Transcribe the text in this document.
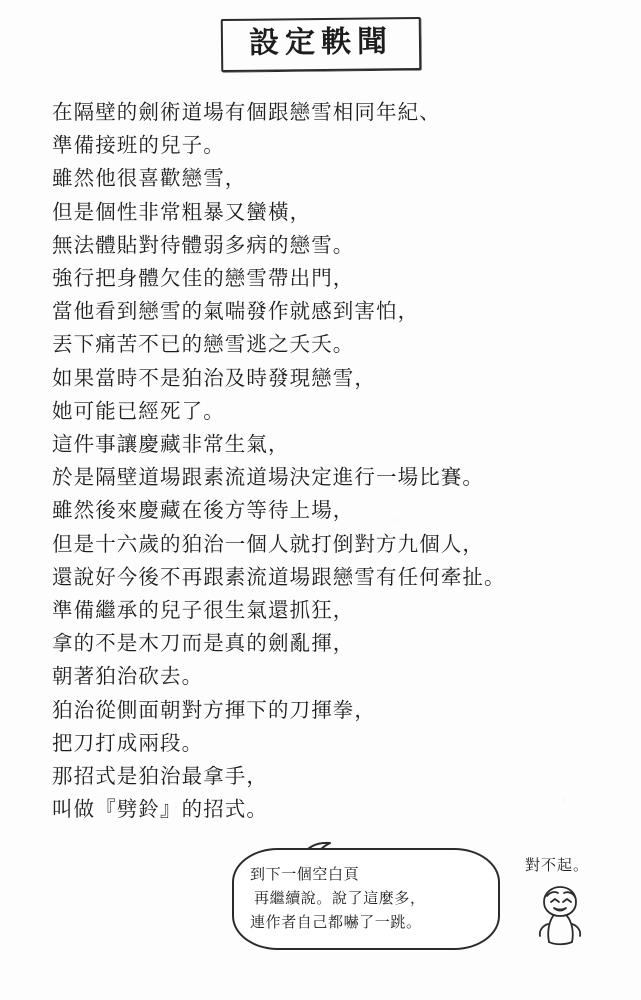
設定軼聞
在隔壁的劍術道場有個跟戀雪相同年紀、
準備接班的兒子。
雖然他很喜歡戀雪，
但是個性非常粗暴又蠻橫，
無法體貼對待體弱多病的戀雪。
強行把身體欠佳的戀雪帶出門，
當他看到戀雪的氣喘發作就感到害怕，
丟下痛苦不已的戀雪逃之夭夭。
如果當時不是狛治及時發現戀雪，
她可能已經死了。
這件事讓慶藏非常生氣，
於是隔壁道場跟素流道場決定進行一場比賽。
雖然後來慶藏在後方等待上場，
但是十六歲的狛治一個人就打倒對方九個人，
還說好今後不再跟素流道場跟戀雪有任何牽扯。
準備繼承的兒子很生氣還抓狂，
拿的不是木刀而是真的劍亂揮，
朝著狛治砍去。
狛治從側面朝對方揮下的刀揮拳，
把刀打成兩段。
那招式是狛治最拿手，
叫做『劈鈴』的招式。
到下一個空白頁
再繼續說。說了這麼多，
連作者自己都嚇了一跳。
對不起。
